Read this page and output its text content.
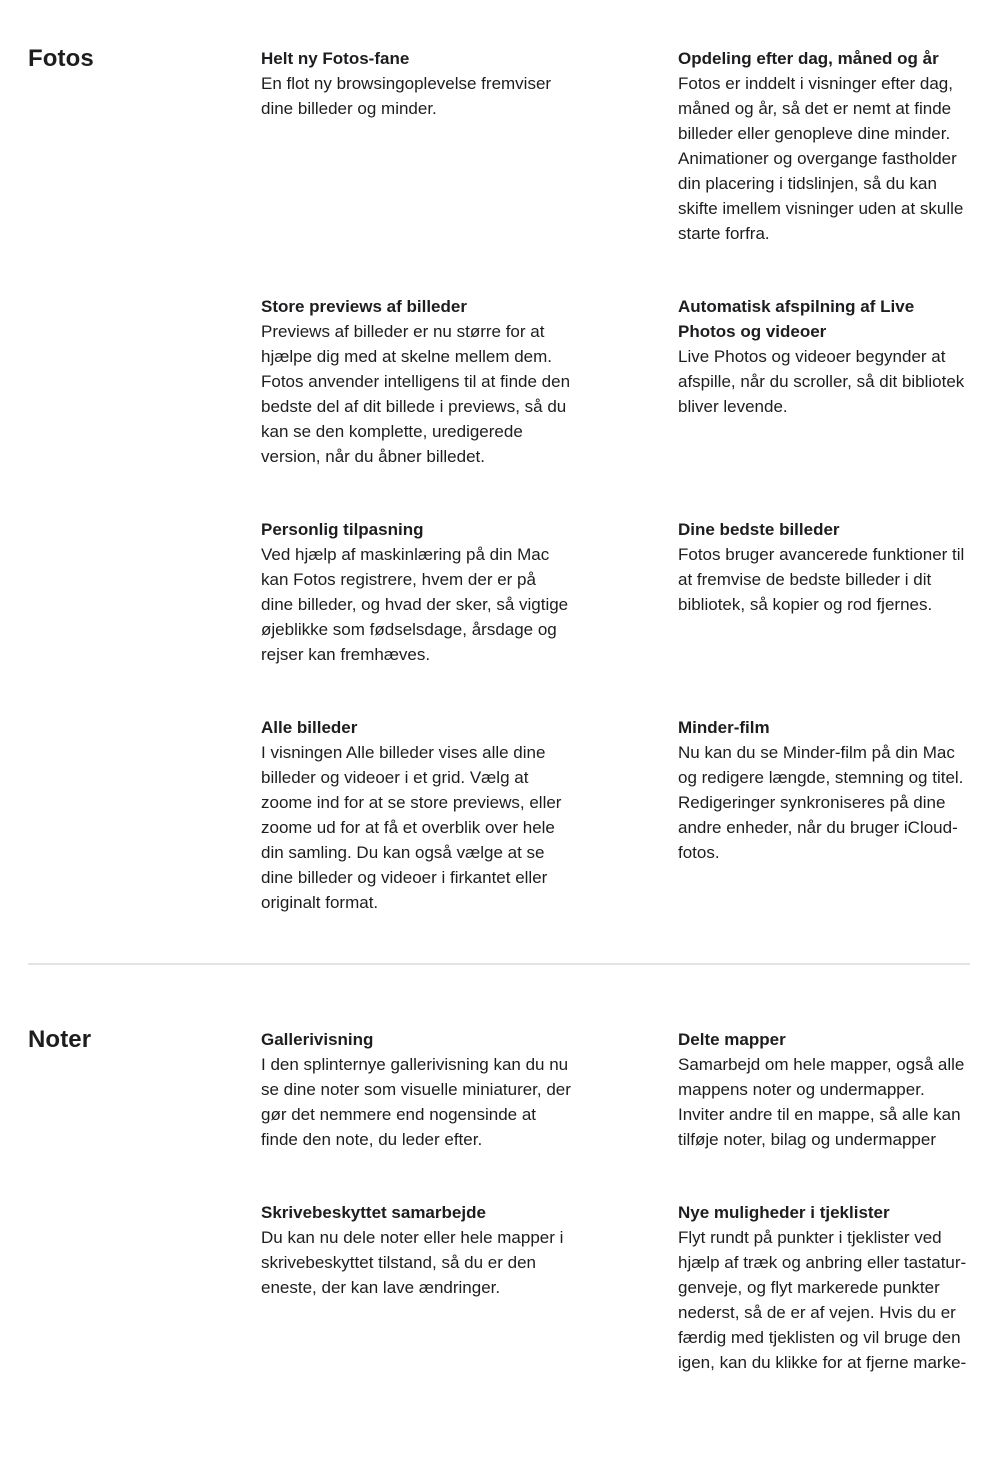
Fotos	Helt ny Fotos-fane

En flot ny browsingoplevelse fremviser dine billeder og minder.

Opdeling efter dag, måned og år

Fotos er inddelt i visninger efter dag, måned og år, så det er nemt at finde billeder eller genopleve dine minder. Animationer og overgange fastholder din placering i tidslinjen, så du kan skifte imellem visninger uden at skulle starte forfra.

Store previews af billeder

Previews af billeder er nu større for at hjælpe dig med at skelne mellem dem. Fotos anvender intelligens til at finde den bedste del af dit billede i previews, så du kan se den komplette, uredigerede version, når du åbner billedet.

Automatisk afspilning af Live Photos og videoer

Live Photos og videoer begynder at afspille, når du scroller, så dit bibliotek bliver levende.

Personlig tilpasning

Ved hjælp af maskinlæring på din Mac kan Fotos registrere, hvem der er på dine billeder, og hvad der sker, så vigtige øjeblikke som fødselsdage, årsdage og rejser kan fremhæves.

Dine bedste billeder

Fotos bruger avancerede funktioner til at fremvise de bedste billeder i dit bibliotek, så kopier og rod fjernes.

Alle billeder

I visningen Alle billeder vises alle dine billeder og videoer i et grid. Vælg at zoome ind for at se store previews, eller zoome ud for at få et overblik over hele din samling. Du kan også vælge at se dine billeder og videoer i firkantet eller originalt format.

Minder-film

Nu kan du se Minder-film på din Mac og redigere længde, stemning og titel. Redigeringer synkroniseres på dine andre enheder, når du bruger iCloud-fotos.

Noter	Gallerivisning

I den splinternye gallerivisning kan du nu se dine noter som visuelle miniaturer, der gør det nemmere end nogensinde at finde den note, du leder efter.

Delte mapper

Samarbejd om hele mapper, også alle mappens noter og undermapper. Inviter andre til en mappe, så alle kan tilføje noter, bilag og undermapper

Skrivebeskyttet samarbejde

Du kan nu dele noter eller hele mapper i skrivebeskyttet tilstand, så du er den eneste, der kan lave ændringer.

Nye muligheder i tjeklister

Flyt rundt på punkter i tjeklister ved hjælp af træk og anbring eller tastatur-genveje, og flyt markerede punkter nederst, så de er af vejen. Hvis du er færdig med tjeklisten og vil bruge den igen, kan du klikke for at fjerne marke-
